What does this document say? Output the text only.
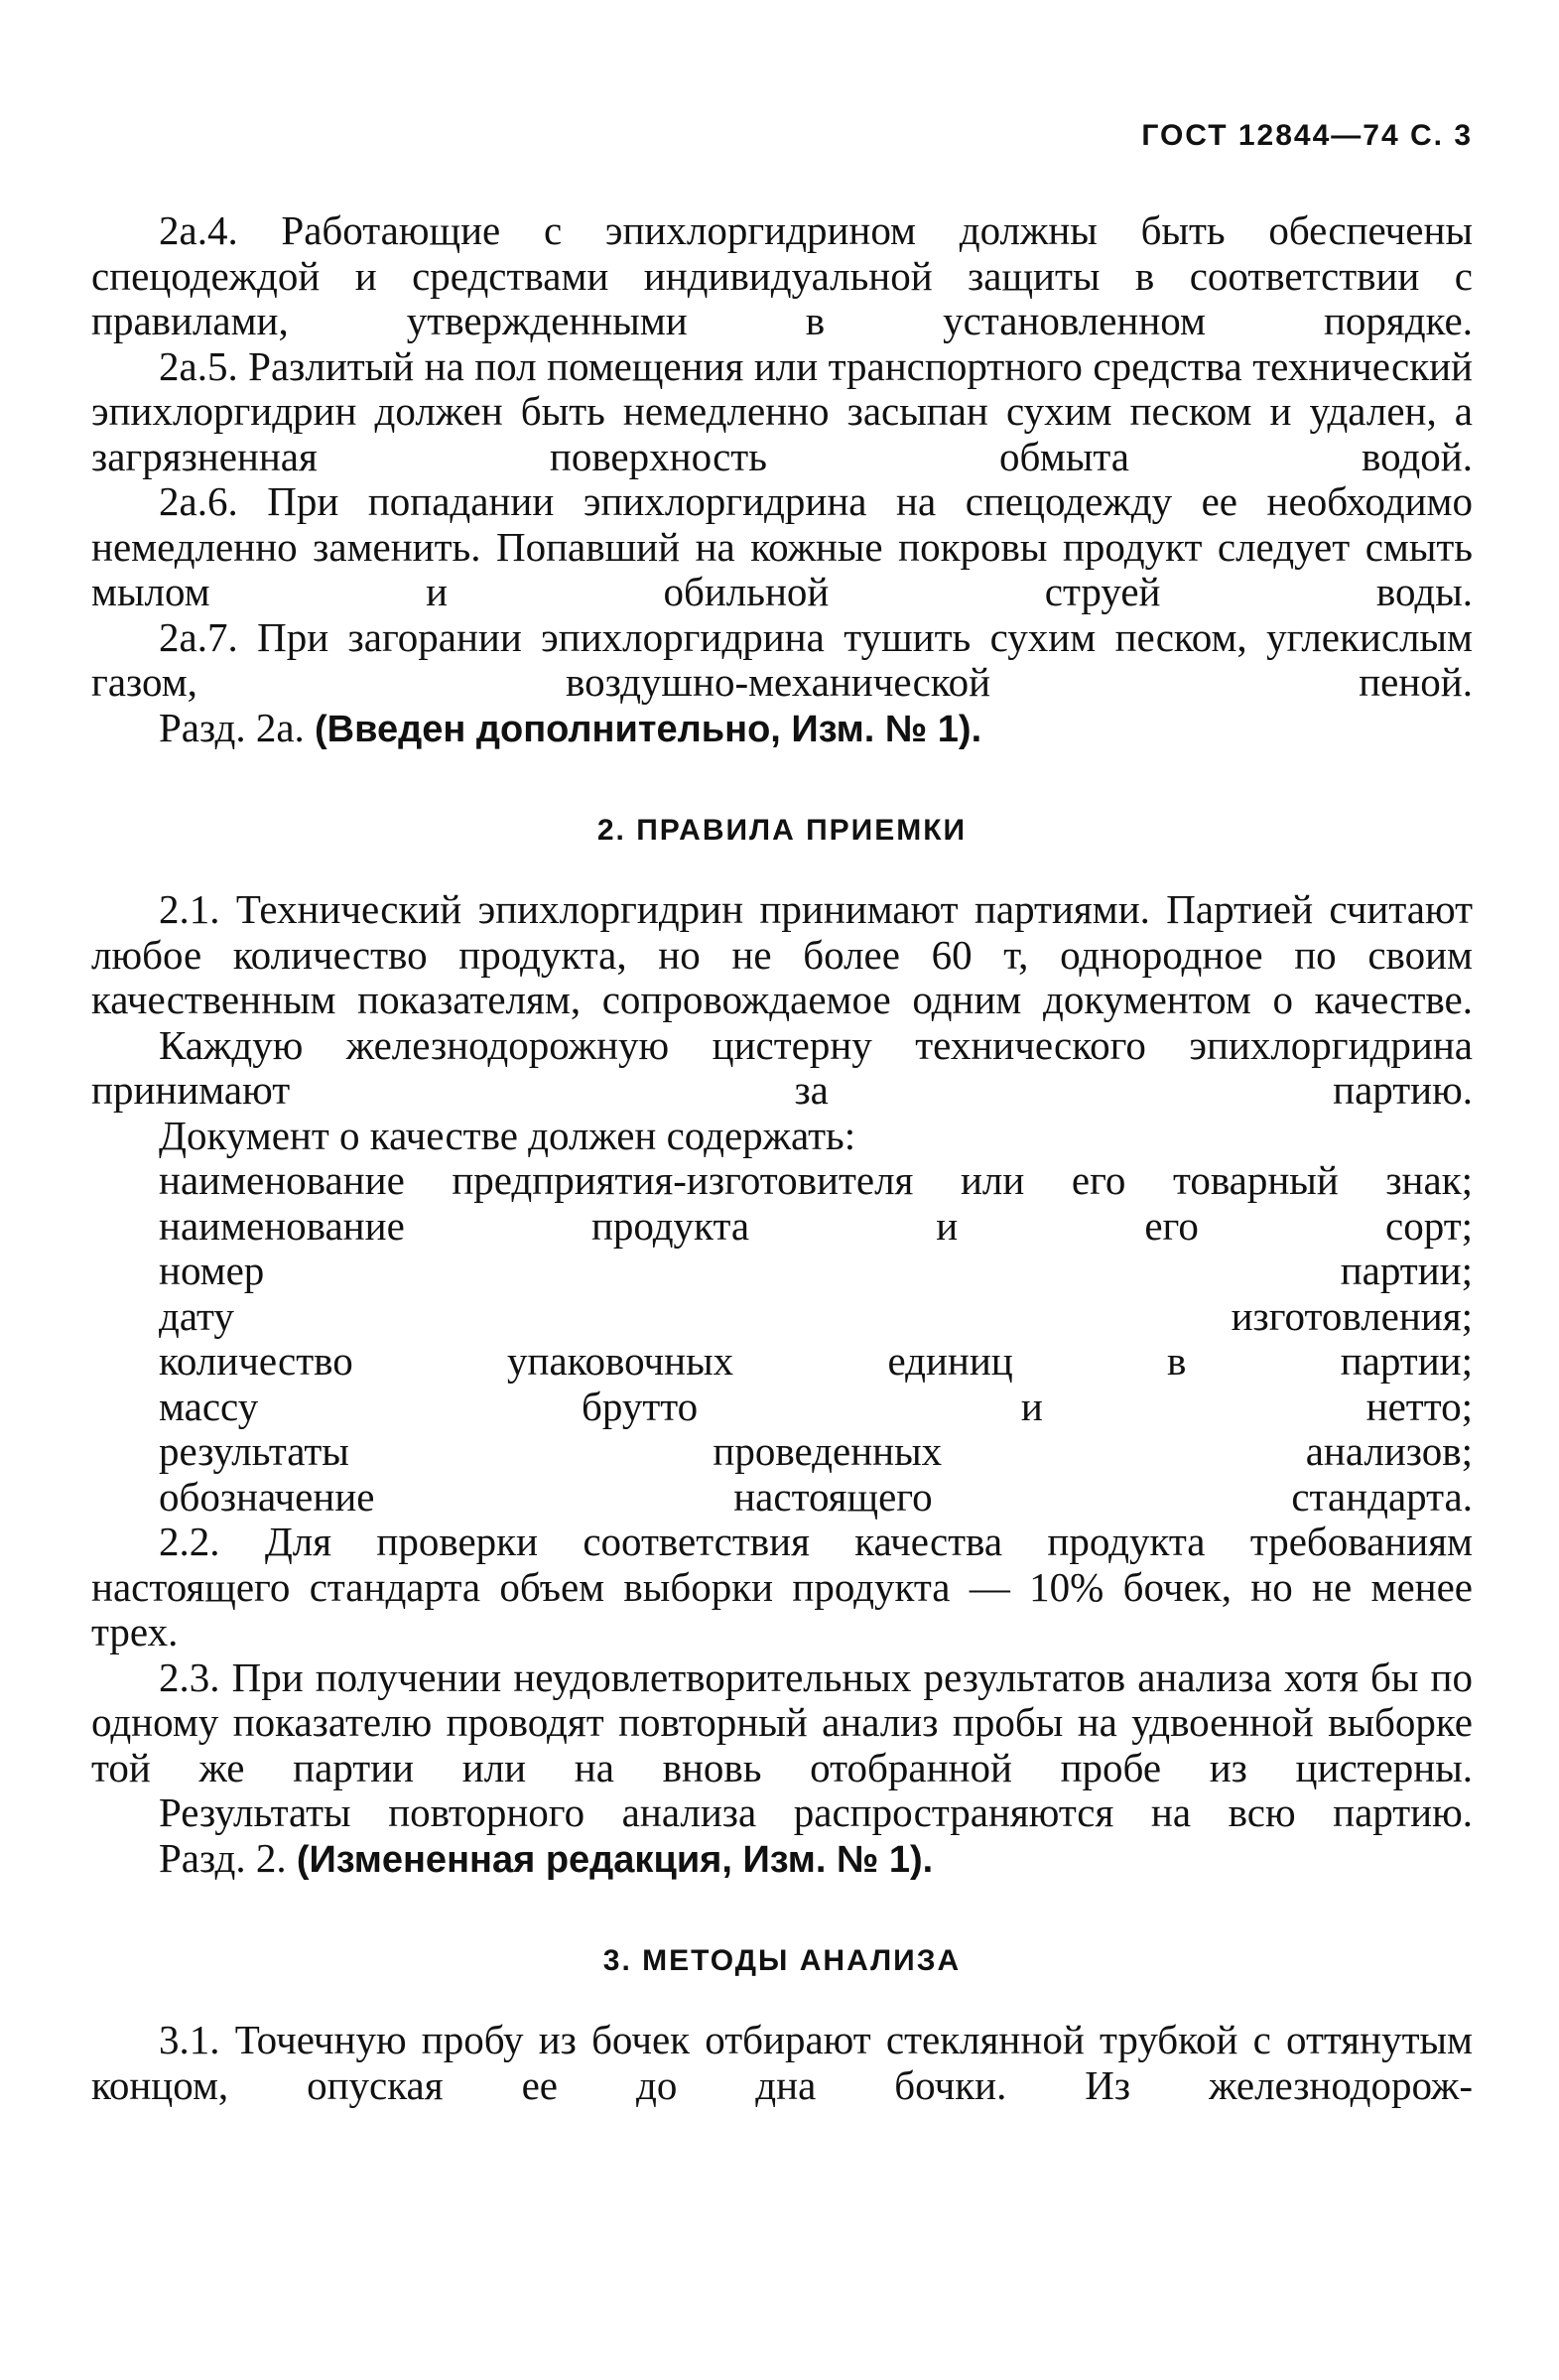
ГОСТ 12844—74 С. 3

2а.4. Работающие с эпихлоргидрином должны быть обеспечены спецодеждой и средствами индивидуальной защиты в соответствии с правилами, утвержденными в установленном порядке.

2а.5. Разлитый на пол помещения или транспортного средства технический эпихлоргидрин должен быть немедленно засыпан сухим песком и удален, а загрязненная поверхность обмыта водой.

2а.6. При попадании эпихлоргидрина на спецодежду ее необходимо немедленно заменить. Попавший на кожные покровы продукт следует смыть мылом и обильной струей воды.

2а.7. При загорании эпихлоргидрина тушить сухим песком, углекислым газом, воздушно-механической пеной.

Разд. 2а. (Введен дополнительно, Изм. № 1).

2. ПРАВИЛА ПРИЕМКИ

2.1. Технический эпихлоргидрин принимают партиями. Партией считают любое количество продукта, но не более 60 т, однородное по своим качественным показателям, сопровождаемое одним документом о качестве.

Каждую железнодорожную цистерну технического эпихлоргидрина принимают за партию.

Документ о качестве должен содержать:

наименование предприятия-изготовителя или его товарный знак;

наименование продукта и его сорт;

номер партии;

дату изготовления;

количество упаковочных единиц в партии;

массу брутто и нетто;

результаты проведенных анализов;

обозначение настоящего стандарта.

2.2. Для проверки соответствия качества продукта требованиям настоящего стандарта объем выборки продукта — 10% бочек, но не менее трех.

2.3. При получении неудовлетворительных результатов анализа хотя бы по одному показателю проводят повторный анализ пробы на удвоенной выборке той же партии или на вновь отобранной пробе из цистерны.

Результаты повторного анализа распространяются на всю партию.

Разд. 2. (Измененная редакция, Изм. № 1).

3. МЕТОДЫ АНАЛИЗА

3.1. Точечную пробу из бочек отбирают стеклянной трубкой с оттянутым концом, опуская ее до дна бочки. Из железнодорож-
